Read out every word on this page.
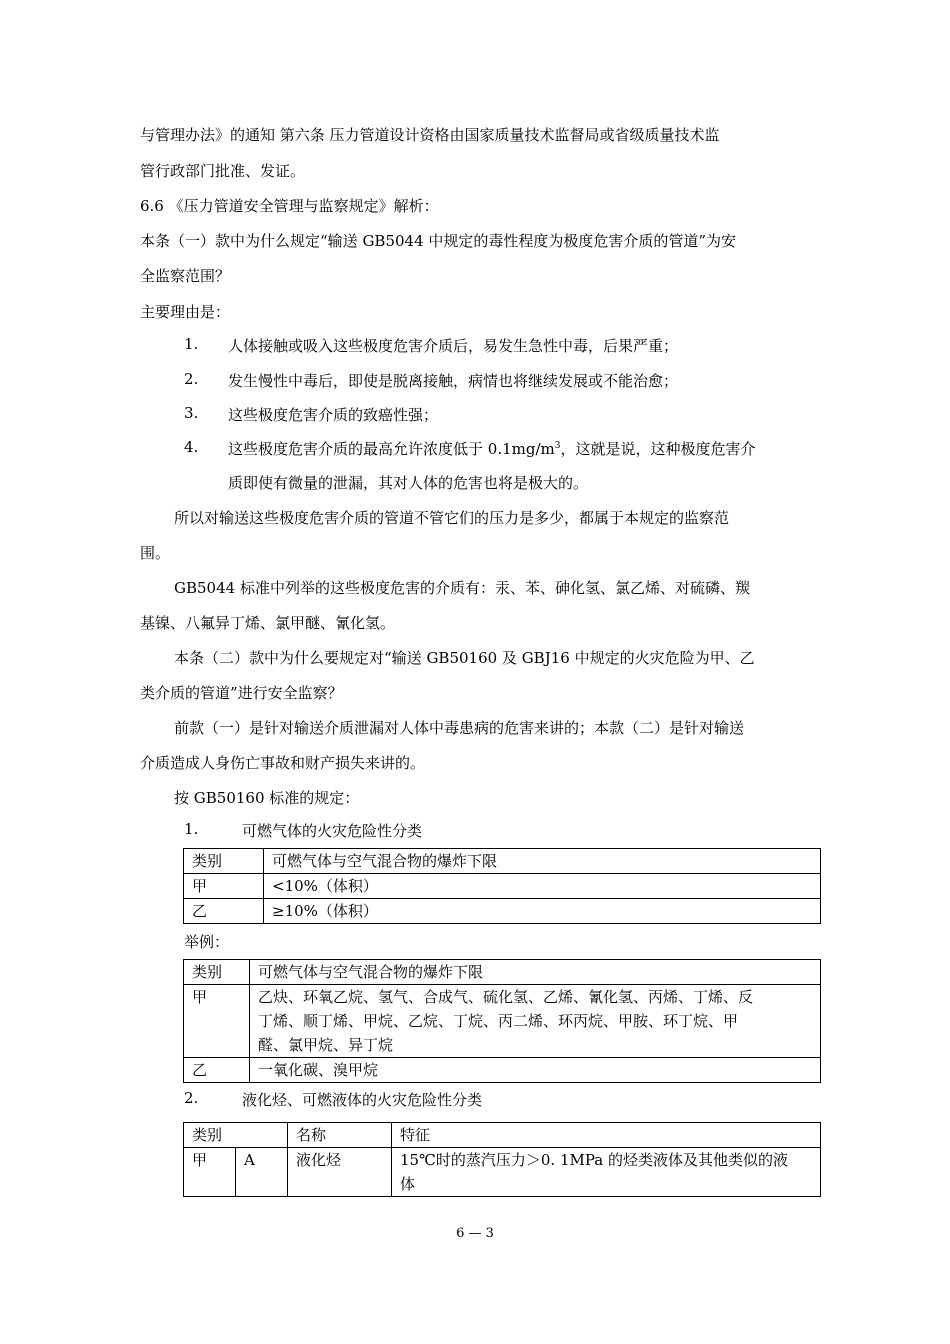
与管理办法》的通知 第六条 压力管道设计资格由国家质量技术监督局或省级质量技术监
管行政部门批准、发证。
6.6 《压力管道安全管理与监察规定》解析：
本条（一）款中为什么规定“输送 GB5044 中规定的毒性程度为极度危害介质的管道”为安
全监察范围？
主要理由是：
1. 人体接触或吸入这些极度危害介质后，易发生急性中毒，后果严重；
2. 发生慢性中毒后，即使是脱离接触，病情也将继续发展或不能治愈；
3. 这些极度危害介质的致癌性强；
4. 这些极度危害介质的最高允许浓度低于 $0.1mg/m^3$，这就是说，这种极度危害介
质即使有微量的泄漏，其对人体的危害也将是极大的。
所以对输送这些极度危害介质的管道不管它们的压力是多少，都属于本规定的监察范
围。
GB5044 标准中列举的这些极度危害的介质有：汞、苯、砷化氢、氯乙烯、对硫磷、羰
基镍、八氟异丁烯、氯甲醚、氰化氢。
本条（二）款中为什么要规定对“输送 GB50160 及 GBJ16 中规定的火灾危险为甲、乙
类介质的管道”进行安全监察？
前款（一）是针对输送介质泄漏对人体中毒患病的危害来讲的；本款（二）是针对输送
介质造成人身伤亡事故和财产损失来讲的。
按 GB50160 标准的规定：
1.	可燃气体的火灾危险性分类
类别	可燃气体与空气混合物的爆炸下限
甲	<10%（体积）
乙	≥10%（体积）
举例：
类别	可燃气体与空气混合物的爆炸下限
甲	乙炔、环氧乙烷、氢气、合成气、硫化氢、乙烯、氰化氢、丙烯、丁烯、反
丁烯、顺丁烯、甲烷、乙烷、丁烷、丙二烯、环丙烷、甲胺、环丁烷、甲
醛、氯甲烷、异丁烷

乙	一氧化碳、溴甲烷
2.	液化烃、可燃液体的火灾危险性分类
类别		名称	特征
甲	A	液化烃	15℃时的蒸汽压力＞0. 1MPa 的烃类液体及其他类似的液
体
6 — 3
